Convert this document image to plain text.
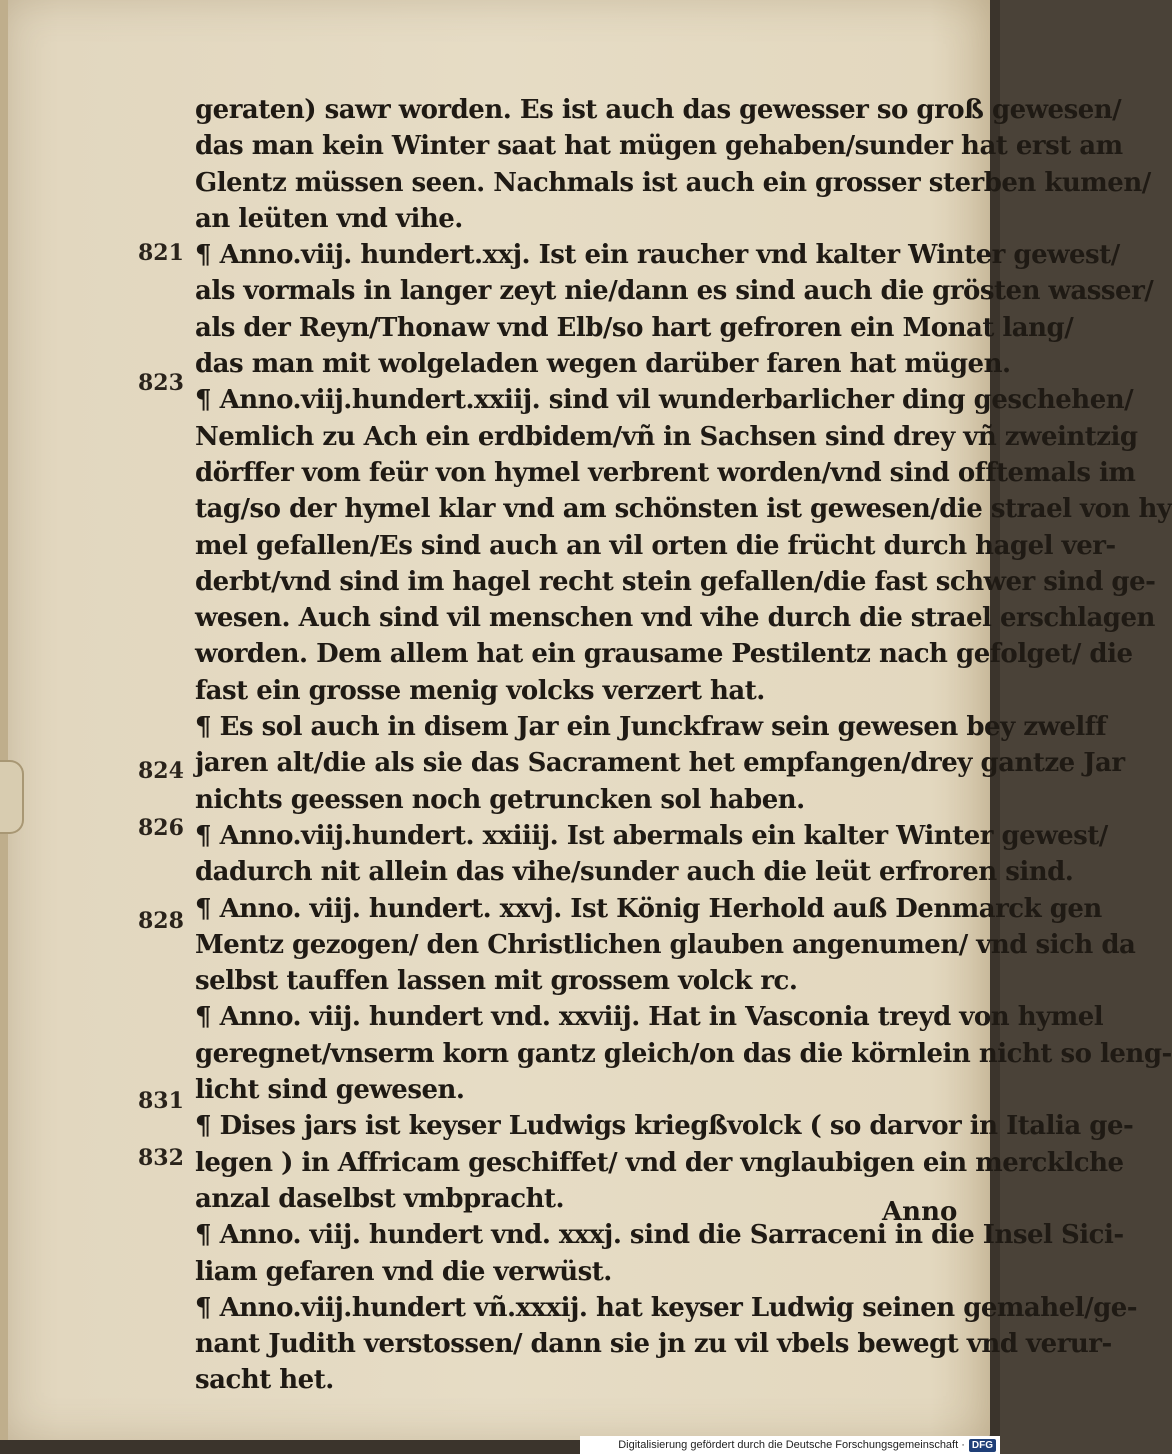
geraten) sawr worden. Es ist auch das gewesser so groß gewesen/
das man kein Winter saat hat mügen gehaben/sunder hat erst am
Glentz müssen seen. Nachmals ist auch ein grosser sterben kumen/
an leüten vnd vihe.
¶ Anno.viij. hundert.xxj. Ist ein raucher vnd kalter Winter gewest/
als vormals in langer zeyt nie/dann es sind auch die grösten wasser/
als der Reyn/Thonaw vnd Elb/so hart gefroren ein Monat lang/
das man mit wolgeladen wegen darüber faren hat mügen.
¶ Anno.viij.hundert.xxiij. sind vil wunderbarlicher ding geschehen/
Nemlich zu Ach ein erdbidem/vñ in Sachsen sind drey vñ zweintzig
dörffer vom feür von hymel verbrent worden/vnd sind offtemals im
tag/so der hymel klar vnd am schönsten ist gewesen/die strael von hy
mel gefallen/Es sind auch an vil orten die frücht durch hagel ver-
derbt/vnd sind im hagel recht stein gefallen/die fast schwer sind ge-
wesen. Auch sind vil menschen vnd vihe durch die strael erschlagen
worden. Dem allem hat ein grausame Pestilentz nach gefolget/ die
fast ein grosse menig volcks verzert hat.
¶ Es sol auch in disem Jar ein Junckfraw sein gewesen bey zwelff
jaren alt/die als sie das Sacrament het empfangen/drey gantze Jar
nichts geessen noch getruncken sol haben.
¶ Anno.viij.hundert. xxiiij. Ist abermals ein kalter Winter gewest/
dadurch nit allein das vihe/sunder auch die leüt erfroren sind.
¶ Anno. viij. hundert. xxvj. Ist König Herhold auß Denmarck gen
Mentz gezogen/ den Christlichen glauben angenumen/ vnd sich da
selbst tauffen lassen mit grossem volck rc.
¶ Anno. viij. hundert vnd. xxviij. Hat in Vasconia treyd von hymel
geregnet/vnserm korn gantz gleich/on das die körnlein nicht so leng-
licht sind gewesen.
¶ Dises jars ist keyser Ludwigs kriegßvolck ( so darvor in Italia ge-
legen ) in Affricam geschiffet/ vnd der vnglaubigen ein mercklche
anzal daselbst vmbpracht.
¶ Anno. viij. hundert vnd. xxxj. sind die Sarraceni in die Insel Sici-
liam gefaren vnd die verwüst.
¶ Anno.viij.hundert vñ.xxxij. hat keyser Ludwig seinen gemahel/ge-
nant Judith verstossen/ dann sie jn zu vil vbels bewegt vnd verur-
sacht het.
821
823
824
826
828
831
832
Anno
Digitalisierung gefördert durch die Deutsche Forschungsgemeinschaft · DFG
